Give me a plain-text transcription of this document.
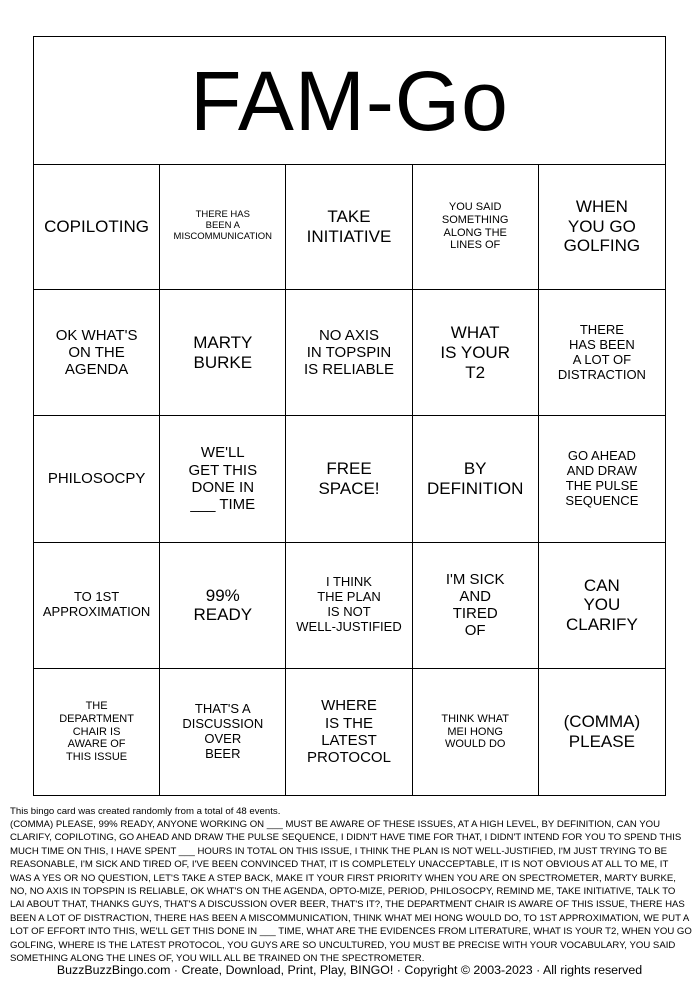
FAM-Go
COPILOTING
THERE HAS
BEEN A
MISCOMMUNICATION
TAKE
INITIATIVE
YOU SAID
SOMETHING
ALONG THE
LINES OF
WHEN
YOU GO
GOLFING
OK WHAT'S
ON THE
AGENDA
MARTY
BURKE
NO AXIS
IN TOPSPIN
IS RELIABLE
WHAT
IS YOUR
T2
THERE
HAS BEEN
A LOT OF
DISTRACTION
PHILOSOCPY
WE'LL
GET THIS
DONE IN
___ TIME
FREE
SPACE!
BY
DEFINITION
GO AHEAD
AND DRAW
THE PULSE
SEQUENCE
TO 1ST
APPROXIMATION
99%
READY
I THINK
THE PLAN
IS NOT
WELL-JUSTIFIED
I'M SICK
AND
TIRED
OF
CAN
YOU
CLARIFY
THE
DEPARTMENT
CHAIR IS
AWARE OF
THIS ISSUE
THAT'S A
DISCUSSION
OVER
BEER
WHERE
IS THE
LATEST
PROTOCOL
THINK WHAT
MEI HONG
WOULD DO
(COMMA)
PLEASE
This bingo card was created randomly from a total of 48 events.
(COMMA) PLEASE, 99% READY, ANYONE WORKING ON ___ MUST BE AWARE OF THESE ISSUES, AT A HIGH LEVEL, BY DEFINITION, CAN YOU CLARIFY, COPILOTING, GO AHEAD AND DRAW THE PULSE SEQUENCE, I DIDN'T HAVE TIME FOR THAT, I DIDN'T INTEND FOR YOU TO SPEND THIS MUCH TIME ON THIS, I HAVE SPENT ___ HOURS IN TOTAL ON THIS ISSUE, I THINK THE PLAN IS NOT WELL-JUSTIFIED, I'M JUST TRYING TO BE REASONABLE, I'M SICK AND TIRED OF, I'VE BEEN CONVINCED THAT, IT IS COMPLETELY UNACCEPTABLE, IT IS NOT OBVIOUS AT ALL TO ME, IT WAS A YES OR NO QUESTION, LET'S TAKE A STEP BACK, MAKE IT YOUR FIRST PRIORITY WHEN YOU ARE ON SPECTROMETER, MARTY BURKE, NO, NO AXIS IN TOPSPIN IS RELIABLE, OK WHAT'S ON THE AGENDA, OPTO-MIZE, PERIOD, PHILOSOCPY, REMIND ME, TAKE INITIATIVE, TALK TO LAI ABOUT THAT, THANKS GUYS, THAT'S A DISCUSSION OVER BEER, THAT'S IT?, THE DEPARTMENT CHAIR IS AWARE OF THIS ISSUE, THERE HAS BEEN A LOT OF DISTRACTION, THERE HAS BEEN A MISCOMMUNICATION, THINK WHAT MEI HONG WOULD DO, TO 1ST APPROXIMATION, WE PUT A LOT OF EFFORT INTO THIS, WE'LL GET THIS DONE IN ___ TIME, WHAT ARE THE EVIDENCES FROM LITERATURE, WHAT IS YOUR T2, WHEN YOU GO GOLFING, WHERE IS THE LATEST PROTOCOL, YOU GUYS ARE SO UNCULTURED, YOU MUST BE PRECISE WITH YOUR VOCABULARY, YOU SAID SOMETHING ALONG THE LINES OF, YOU WILL ALL BE TRAINED ON THE SPECTROMETER.
BuzzBuzzBingo.com · Create, Download, Print, Play, BINGO! · Copyright © 2003-2023 · All rights reserved
